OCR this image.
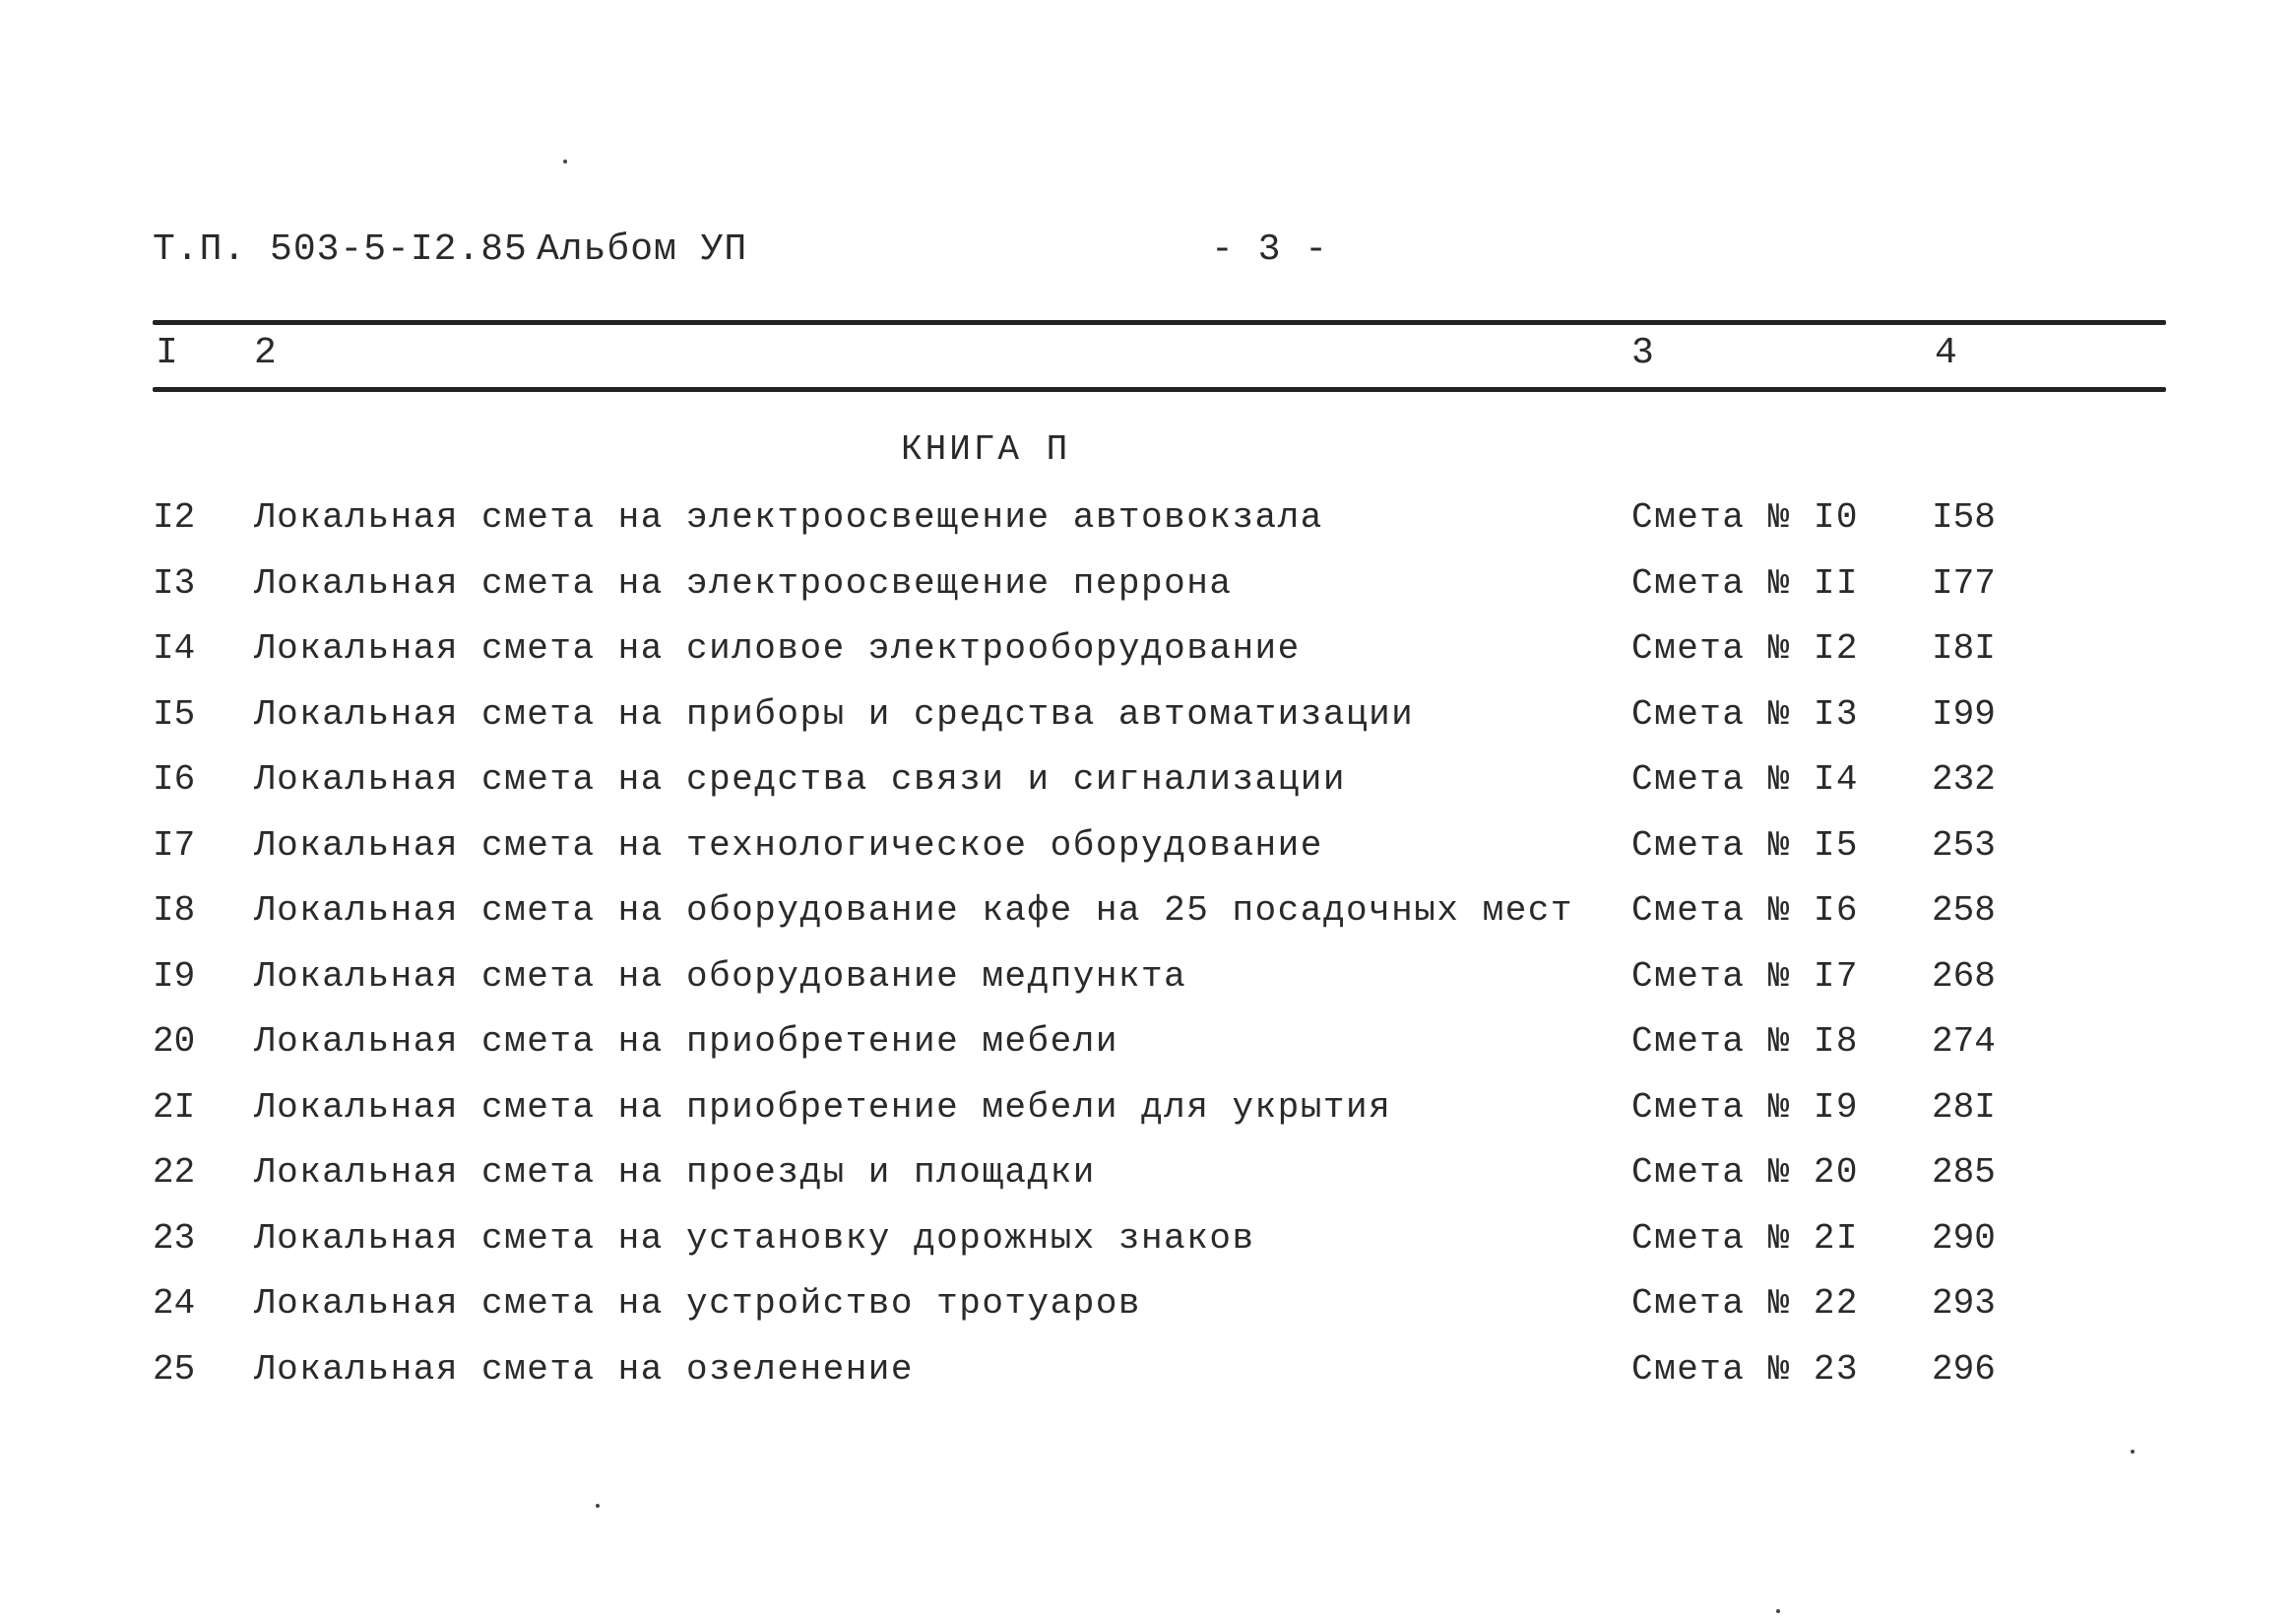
Т.П. 503-5-I2.85 Альбом УП	- 3 -
I 2	3	4
КНИГА П
I2 Локальная смета на электроосвещение автовокзала	Смета № I0 I58
I3 Локальная смета на электроосвещение перрона	Смета № II I77
I4 Локальная смета на силовое электрооборудование	Смета № I2 I8I
I5 Локальная смета на приборы и средства автоматизации	Смета № I3 I99
I6 Локальная смета на средства связи и сигнализации	Смета № I4 232
I7 Локальная смета на технологическое оборудование	Смета № I5 253
I8 Локальная смета на оборудование кафе на 25 посадочных мест Смета № I6 258
I9 Локальная смета на оборудование медпункта	Смета № I7 268
20 Локальная смета на приобретение мебели	Смета № I8 274
2I Локальная смета на приобретение мебели для укрытия	Смета № I9 28I
22 Локальная смета на проезды и площадки	Смета № 20 285
23 Локальная смета на установку дорожных знаков	Смета № 2I 290
24 Локальная смета на устройство тротуаров	Смета № 22 293
25 Локальная смета на озеленение	Смета № 23 296
